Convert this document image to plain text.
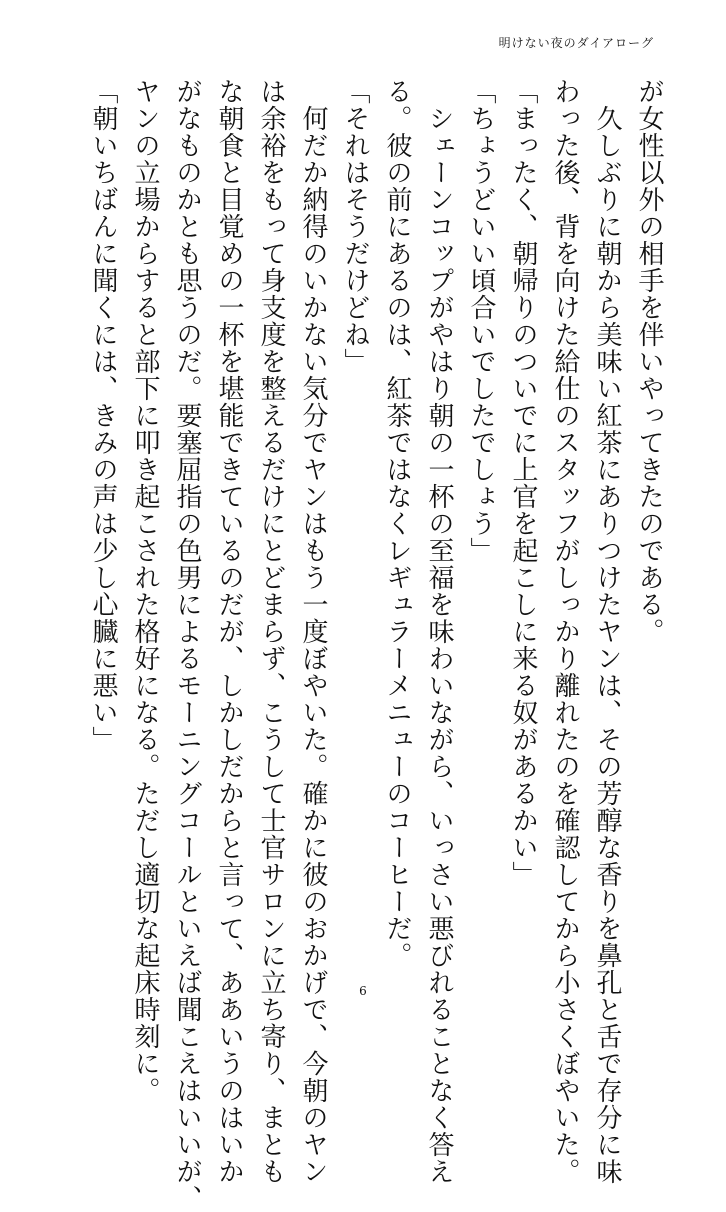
明けない夜のダイアローグ
が女性以外の相手を伴いやってきたのである。
　久しぶりに朝から美味い紅茶にありつけたヤンは、その芳醇な香りを鼻孔と舌で存分に味
わった後、背を向けた給仕のスタッフがしっかり離れたのを確認してから小さくぼやいた。
「まったく、朝帰りのついでに上官を起こしに来る奴があるかい」
「ちょうどいい頃合いでしたでしょう」
　シェーンコップがやはり朝の一杯の至福を味わいながら、いっさい悪びれることなく答え
る。彼の前にあるのは、紅茶ではなくレギュラーメニューのコーヒーだ。
「それはそうだけどね」
　何だか納得のいかない気分でヤンはもう一度ぼやいた。確かに彼のおかげで、今朝のヤン
は余裕をもって身支度を整えるだけにとどまらず、こうして士官サロンに立ち寄り、まとも
な朝食と目覚めの一杯を堪能できているのだが、しかしだからと言って、ああいうのはいか
がなものかとも思うのだ。要塞屈指の色男によるモーニングコールといえば聞こえはいいが、
ヤンの立場からすると部下に叩き起こされた格好になる。ただし適切な起床時刻に。
「朝いちばんに聞くには、きみの声は少し心臓に悪い」
6
